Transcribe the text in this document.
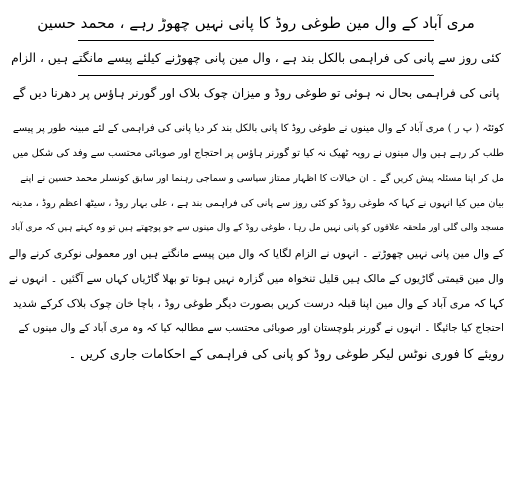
مری آباد کے وال مین طوغی روڈ کا پانی نہیں چھوڑ رہے ، محمد حسین
کئی روز سے پانی کی فراہمی بالکل بند ہے ، وال مین پانی چھوڑنے کیلئے پیسے مانگتے ہیں ، الزام
پانی کی فراہمی بحال نہ ہوئی تو طوغی روڈ و میزان چوک بلاک اور گورنر ہاؤس پر دھرنا دیں گے
کوئٹہ ( پ ر ) مری آباد کے وال مینوں نے طوغی روڈ کا پانی بالکل بند کر دیا پانی کی فراہمی کے لئے مبینہ طور پر پیسے
طلب کر رہے ہیں وال مینوں نے رویہ ٹھیک نہ کیا تو گورنر ہاؤس پر احتجاج اور صوبائی محتسب سے وفد کی شکل میں
مل کر اپنا مسئلہ پیش کریں گے ۔ ان خیالات کا اظہار ممتاز سیاسی و سماجی رہنما اور سابق کونسلر محمد حسین نے اپنے
بیان میں کیا انہوں نے کہا کہ طوغی روڈ کو کئی روز سے پانی کی فراہمی بند ہے ، علی بہار روڈ ، سیٹھ اعظم روڈ ، مدینہ
مسجد والی گلی اور ملحقہ علاقوں کو پانی نہیں مل رہا ، طوغی روڈ کے وال مینوں سے جو پوچھتے ہیں تو وہ کہتے ہیں کہ مری آباد
کے وال مین پانی نہیں چھوڑتے ۔ انہوں نے الزام لگایا کہ وال مین پیسے مانگتے ہیں اور معمولی نوکری کرنے والے
وال مین قیمتی گاڑیوں کے مالک ہیں قلیل تنخواہ میں گزارہ نہیں ہوتا تو بھلا گاڑیاں کہاں سے آگئیں ۔ انہوں نے
کہا کہ مری آباد کے وال مین اپنا قبلہ درست کریں بصورت دیگر طوغی روڈ ، باچا خان چوک بلاک کرکے شدید
احتجاج کیا جائیگا ۔ انہوں نے گورنر بلوچستان اور صوبائی محتسب سے مطالبہ کیا کہ وہ مری آباد کے وال مینوں کے
رویئے کا فوری نوٹس لیکر طوغی روڈ کو پانی کی فراہمی کے احکامات جاری کریں ۔
